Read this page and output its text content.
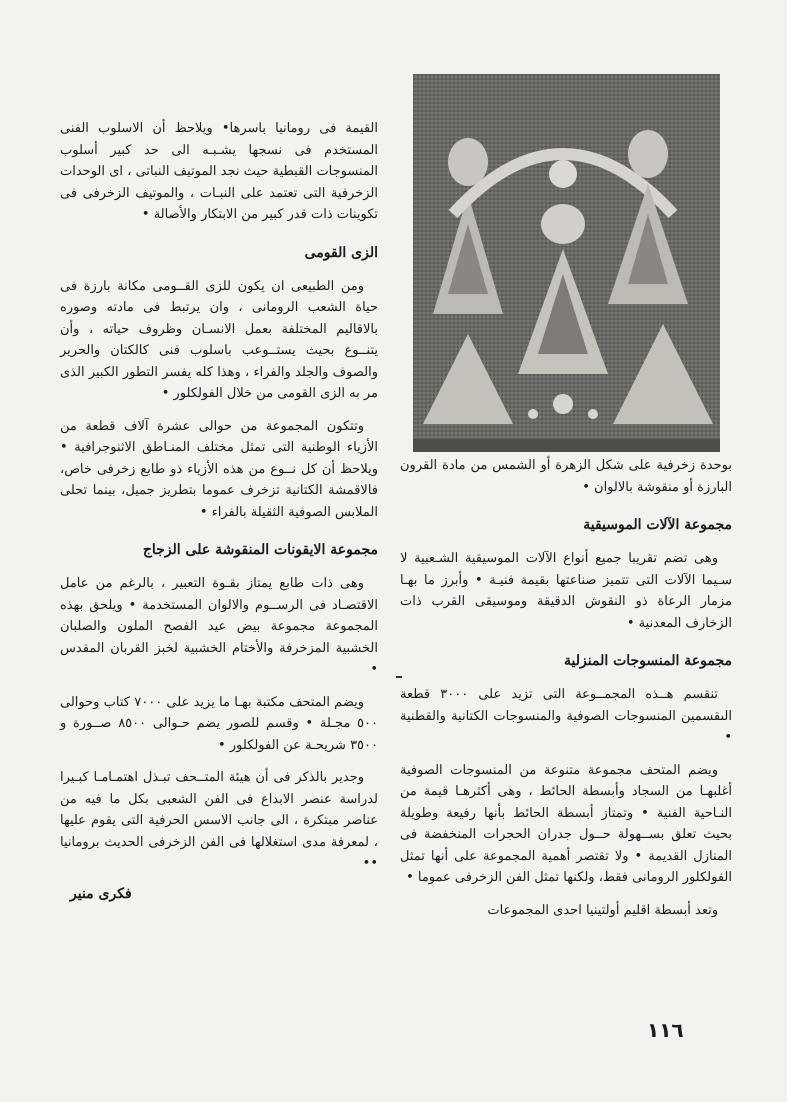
القيمة فى رومانيا باسرها• ويلاحظ أن الاسلوب الفنى المستخدم فى نسجها يشـبـه الى حد كبير أسلوب المنسوجات القبطية حيث نجد الموتيف النباتى ، اى الوحدات الزخرفية التى تعتمد على النبـات ، والموتيف الزخرفى فى تكوينات ذات قدر كبير من الابتكار والأصالة •

الزى القومى

ومن الطبيعى ان يكون للزى القــومى مكانة بارزة فى حياة الشعب الرومانى ، وان يرتبط فى مادته وصوره بالاقاليم المختلفة بعمل الانسـان وظروف حياته ، وأن يتنــوع بحيث يستــوعب باسلوب فنى كالكتان والحرير والصوف والجلد والفراء ، وهذا كله يفسر التطور الكبير الذى مر به الزى القومى من خلال الفولكلور •

وتتكون المجموعة من حوالى عشرة آلاف قطعة من الأزياء الوطنية التى تمثل مختلف المنـاطق الاثنوجرافية • ويلاحظ أن كل نــوع من هذه الأزياء ذو طابع زخرفى خاص، فالاقمشة الكتانية تزخرف عموما بتطريز جميل، بينما تحلى الملابس الصوفية الثقيلة بالفراء •

مجموعة الايقونات المنقوشة على الزجاج

وهى ذات طابع يمتاز بقـوة التعبير ، بالرغم من عامل الاقتصـاد فى الرســوم والالوان المستخدمة • ويلحق بهذه المجموعة مجموعة بيض عيد الفصح الملون والصلبان الخشبية المزخرفة والأختام الخشبية لخبز القربان المقدس •

ويضم المتحف مكتبة بهـا ما يزيد على ٧٠٠٠ كتاب وحوالى ٥٠٠ مجـلة • وقسم للصور يضم حـوالى ٨٥٠٠ صــورة و ٣٥٠٠ شريحـة عن الفولكلور •

وجدير بالذكر فى أن هيئة المتــحف تبـذل اهتمـامـا كبـيرا لدراسة عنصر الابداع فى الفن الشعبى بكل ما فيه من عناصر مبتكرة ، الى جانب الاسس الحرفية التى يقوم عليها ، لمعرفة مدى استغلالها فى الفن الزخرفى الحديث برومانيا ••

فكرى منير

بوحدة زخرفية على شكل الزهرة أو الشمس من مادة القرون البارزة أو منقوشة بالالوان •

مجموعة الآلات الموسيقية

وهى تضم تقريبا جميع أنواع الآلات الموسيقية الشـعبية لا سـيما الآلات التى تتميز صناعتها بقيمة فنيـة • وأبرز ما بهـا مزمار الرعاة ذو النقوش الدقيقة وموسيقى القرب ذات الزخارف المعدنية •

مجموعة المنسوجات المنزلية

تنقسم هــذه المجمــوعة التى تزيد على ٣٠٠٠ قطعة الىقسمين المنسوجات الصوفية والمنسوجات الكتانية والقطنية •

ويضم المتحف مجموعة متنوعة من المنسوجات الصوفية أغلبهـا من السجاد وأبسطة الحائط ، وهى أكثرهـا قيمة من النـاحية الفنية • وتمتاز أبسطة الحائط بأنها رفيعة وطويلة بحيث تعلق بســهولة حــول جدران الحجرات المنخفضة فى المنازل القديمة • ولا تقتصر أهمية المجموعة على أنها تمثل الفولكلور الرومانى فقط، ولكنها تمثل الفن الزخرفى عموما •

وتعد أبسطة اقليم أولتينيا احدى المجموعات

١١٦
